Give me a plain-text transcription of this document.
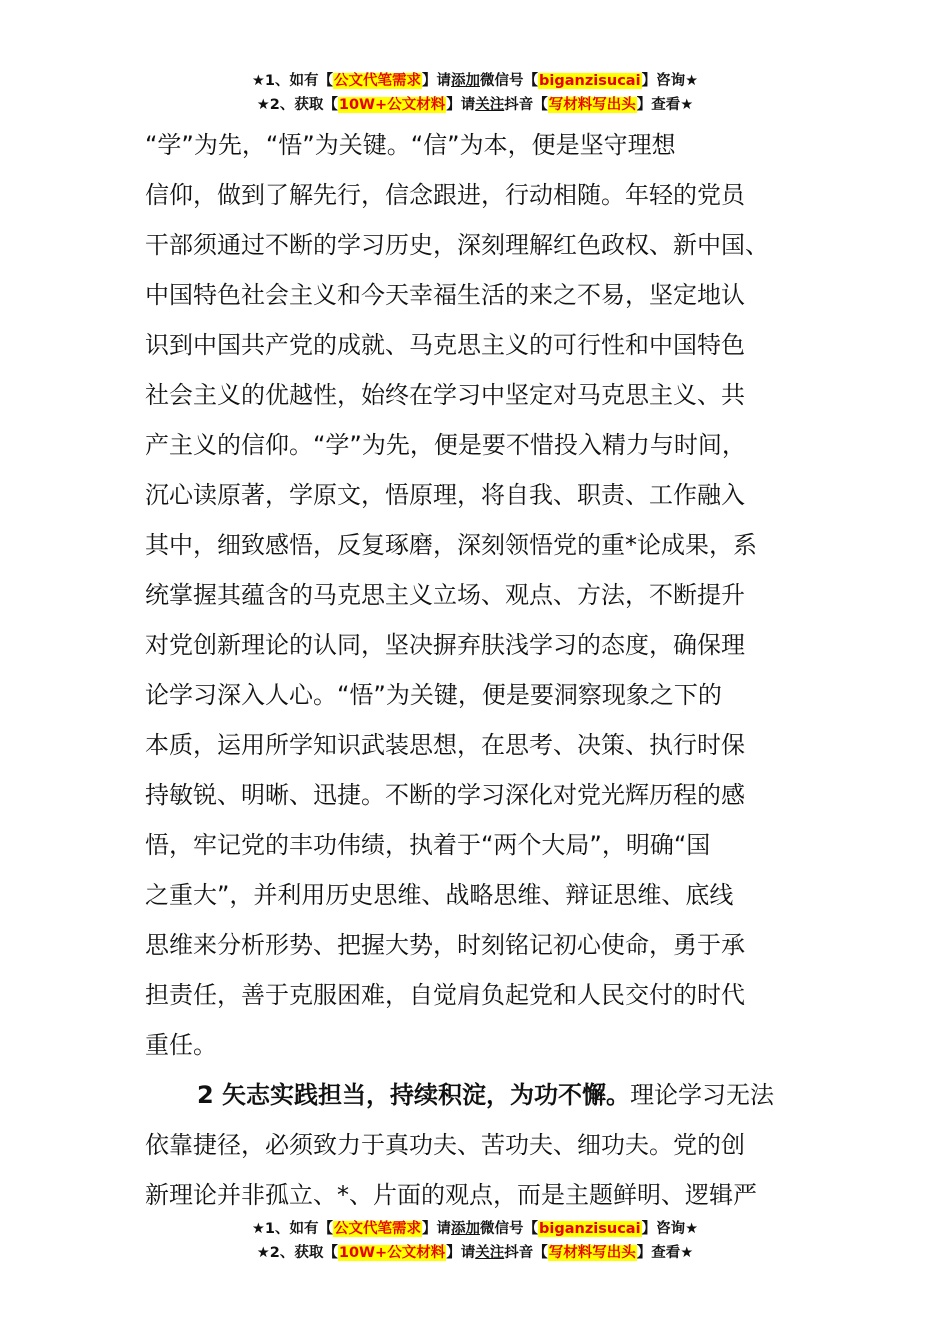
★1、如有【公文代笔需求】请添加微信号【biganzisucai】咨询★
★2、获取【10W+公文材料】请关注抖音【写材料写出头】查看★
“学”为先，“悟”为关键。“信”为本，便是坚守理想
信仰，做到了解先行，信念跟进，行动相随。年轻的党员
干部须通过不断的学习历史，深刻理解红色政权、新中国、
中国特色社会主义和今天幸福生活的来之不易，坚定地认
识到中国共产党的成就、马克思主义的可行性和中国特色
社会主义的优越性，始终在学习中坚定对马克思主义、共
产主义的信仰。“学”为先，便是要不惜投入精力与时间，
沉心读原著，学原文，悟原理，将自我、职责、工作融入
其中，细致感悟，反复琢磨，深刻领悟党的重*论成果，系
统掌握其蕴含的马克思主义立场、观点、方法，不断提升
对党创新理论的认同，坚决摒弃肤浅学习的态度，确保理
论学习深入人心。“悟”为关键，便是要洞察现象之下的
本质，运用所学知识武装思想，在思考、决策、执行时保
持敏锐、明晰、迅捷。不断的学习深化对党光辉历程的感
悟，牢记党的丰功伟绩，执着于“两个大局”，明确“国
之重大”，并利用历史思维、战略思维、辩证思维、底线
思维来分析形势、把握大势，时刻铭记初心使命，勇于承
担责任，善于克服困难，自觉肩负起党和人民交付的时代
重任。
2 矢志实践担当，持续积淀，为功不懈。理论学习无法
依靠捷径，必须致力于真功夫、苦功夫、细功夫。党的创
新理论并非孤立、*、片面的观点，而是主题鲜明、逻辑严
★1、如有【公文代笔需求】请添加微信号【biganzisucai】咨询★
★2、获取【10W+公文材料】请关注抖音【写材料写出头】查看★
